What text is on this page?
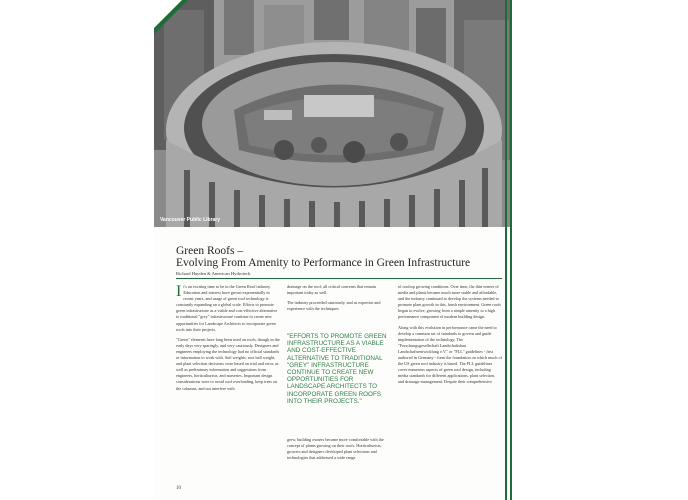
Vancouver Public Library
Green Roofs –
Evolving From Amenity to Performance in Green Infrastructure
Richard Hayden & American Hydrotech

It's an exciting time to be in the Green Roof industry. Education and interest have grown exponentially in recent years, and usage of green roof technology is constantly expanding on a global scale. Efforts to promote green infrastructure as a viable and cost-effective alternative to traditional "grey" infrastructure continue to create new opportunities for Landscape Architects to incorporate green roofs into their projects.

"Green" elements have long been used on roofs, though in the early days very sparingly, and very cautiously. Designers and engineers employing the technology had no official standards or information to work with. Soil weights, root ball weight, and plant selection decisions were based on trial and error, as well as preliminary information and suggestions from engineers, horticulturists, and nurseries. Important design considerations were to avoid roof overloading, keep trees on the columns, and not interfere with

drainage on the roof; all critical concerns that remain important today as well.

The industry proceeded cautiously, and as expertise and experience with the techniques

"EFFORTS TO PROMOTE GREEN INFRASTRUCTURE AS A VIABLE AND COST-EFFECTIVE ALTERNATIVE TO TRADITIONAL "GREY" INFRASTRUCTURE CONTINUE TO CREATE NEW OPPORTUNITIES FOR LANDSCAPE ARCHITECTS TO INCORPORATE GREEN ROOFS INTO THEIR PROJECTS."

grew, building owners became more comfortable with the concept of plants growing on their roofs. Horticulturists, growers and designers developed plant selections and technologies that addressed a wide range

of rooftop growing conditions. Over time, the thin veneer of media and plants became much more stable and affordable, and the industry continued to develop the systems needed to promote plant growth in this, harsh environment. Green roofs began to evolve, growing from a simple amenity to a high performance component of modern building design.

Along with this evolution in performance came the need to develop a common set of standards to govern and guide implementation of the technology. The "Forschungsgesellschaft Landschaftsbau Landschaftsentwicklung e.V." or "FLL" guidelines - first authored in Germany - form the foundation on which much of the US green roof industry is based. The FLL guidelines cover numerous aspects of green roof design, including media standards for different applications, plant selection, and drainage management. Despite their comprehensive

10
